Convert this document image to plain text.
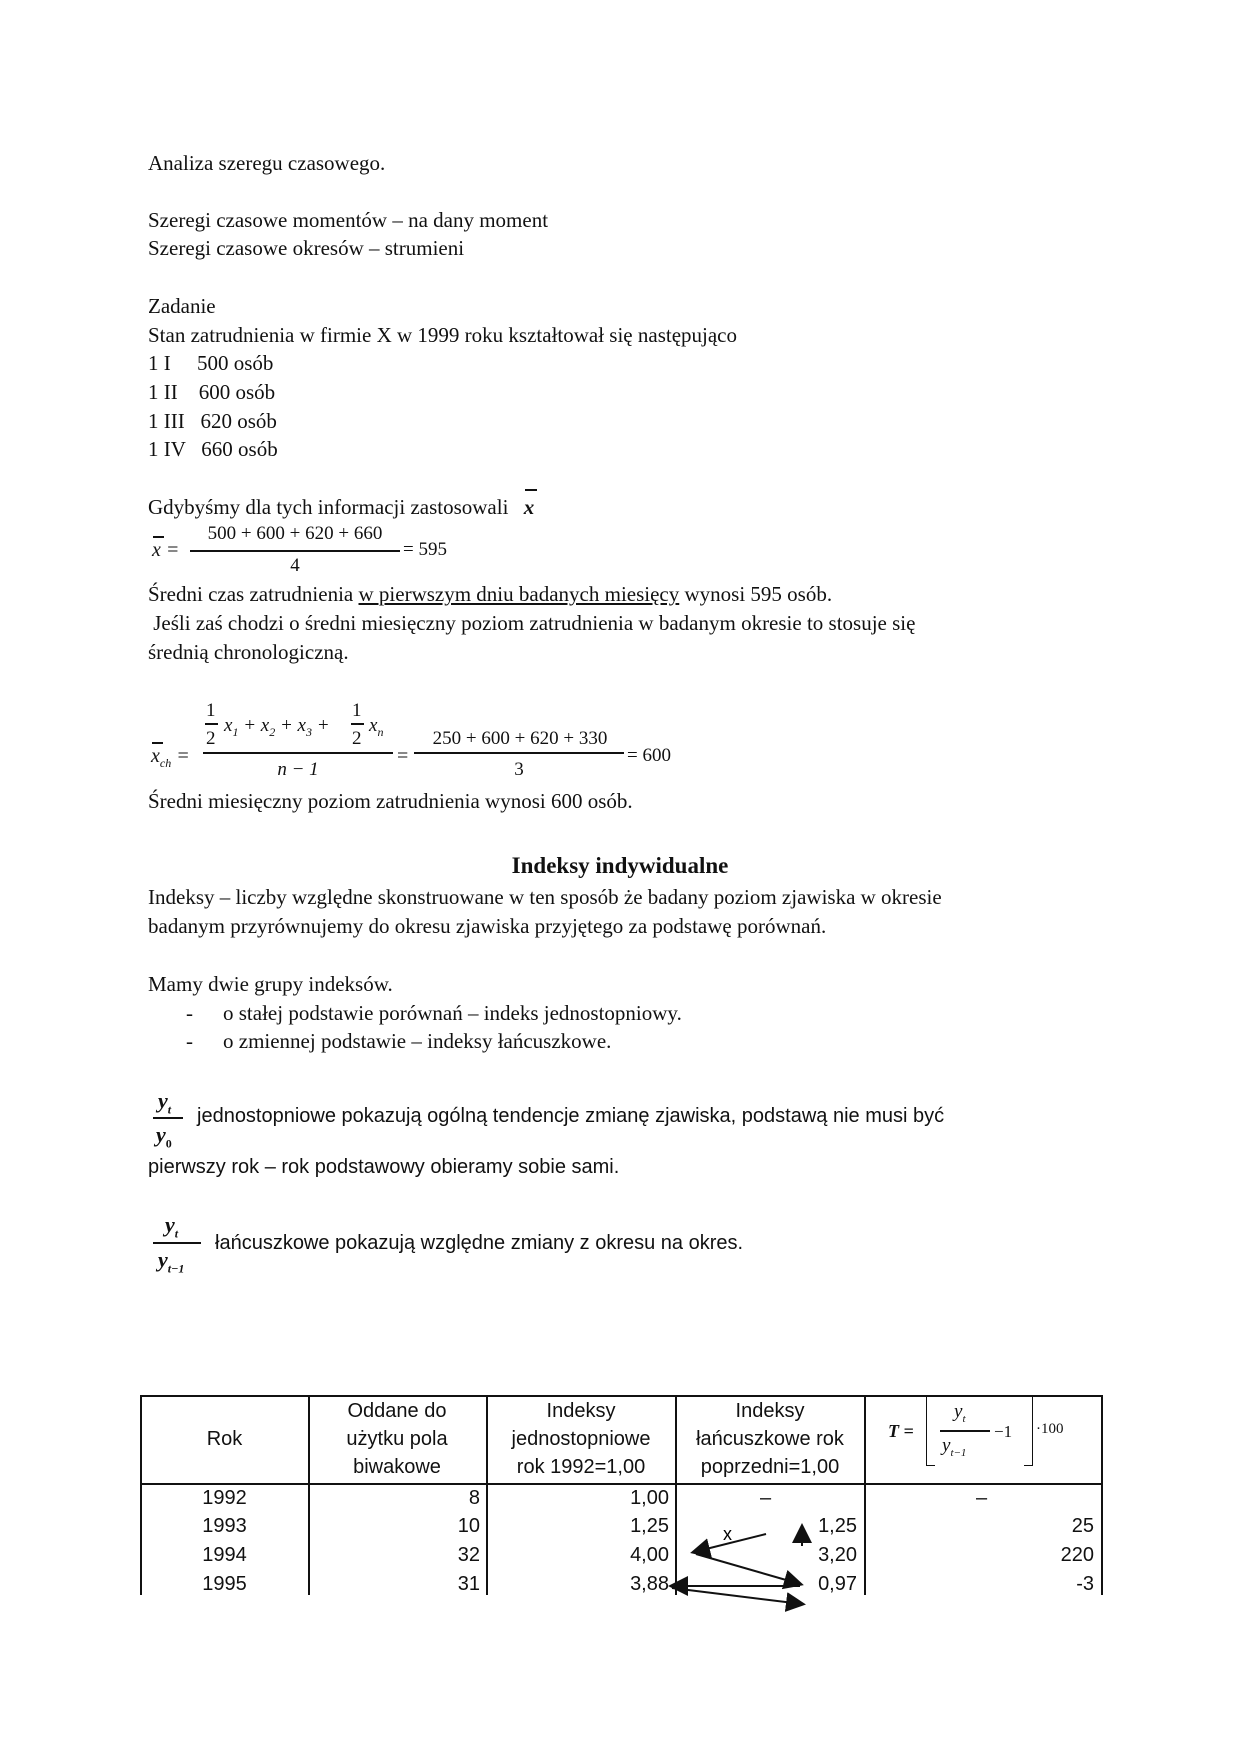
Analiza szeregu czasowego.
Szeregi czasowe momentów – na dany moment
Szeregi czasowe okresów – strumieni
Zadanie
Stan zatrudnienia w firmie X w 1999 roku kształtował się następująco
1 I     500 osób
1 II    600 osób
1 III   620 osób
1 IV   660 osób
Gdybyśmy dla tych informacji zastosowali x
x =
500 + 600 + 620 + 660
4
= 595
Średni czas zatrudnienia w pierwszym dniu badanych miesięcy wynosi 595 osób.
Jeśli zaś chodzi o średni miesięczny poziom zatrudnienia w badanym okresie to stosuje się
średnią chronologiczną.
$x_{ch}$ =
1
2
$x_1 + x_2 + x_3$ +
1
2
$x_n$
n − 1
=
250 + 600 + 620 + 330
3
= 600
Średni miesięczny poziom zatrudnienia wynosi 600 osób.
Indeksy indywidualne
Indeksy – liczby względne skonstruowane w ten sposób że badany poziom zjawiska w okresie
badanym przyrównujemy do okresu zjawiska przyjętego za podstawę porównań.
Mamy dwie grupy indeksów.
- o stałej podstawie porównań – indeks jednostopniowy.
- o zmiennej podstawie – indeksy łańcuszkowe.
$y_t$
$y_0$
jednostopniowe pokazują ogólną tendencje zmianę zjawiska, podstawą nie musi być
pierwszy rok – rok podstawowy obieramy sobie sami.
$y_t$
$y_{t-1}$
łańcuszkowe pokazują względne zmiany z okresu na okres.
Rok
Oddane do użytku pola biwakowe
Indeksy jednostopniowe rok 1992=1,00
Indeksy łańcuszkowe rok poprzedni=1,00
T =
$y_t$
$y_{t-1}$
−1 ·100
1992	8	1,00	–	–
1993	10	1,25	1,25	25
1994	32	4,00	3,20	220
1995	31	3,88	0,97	-3
x
